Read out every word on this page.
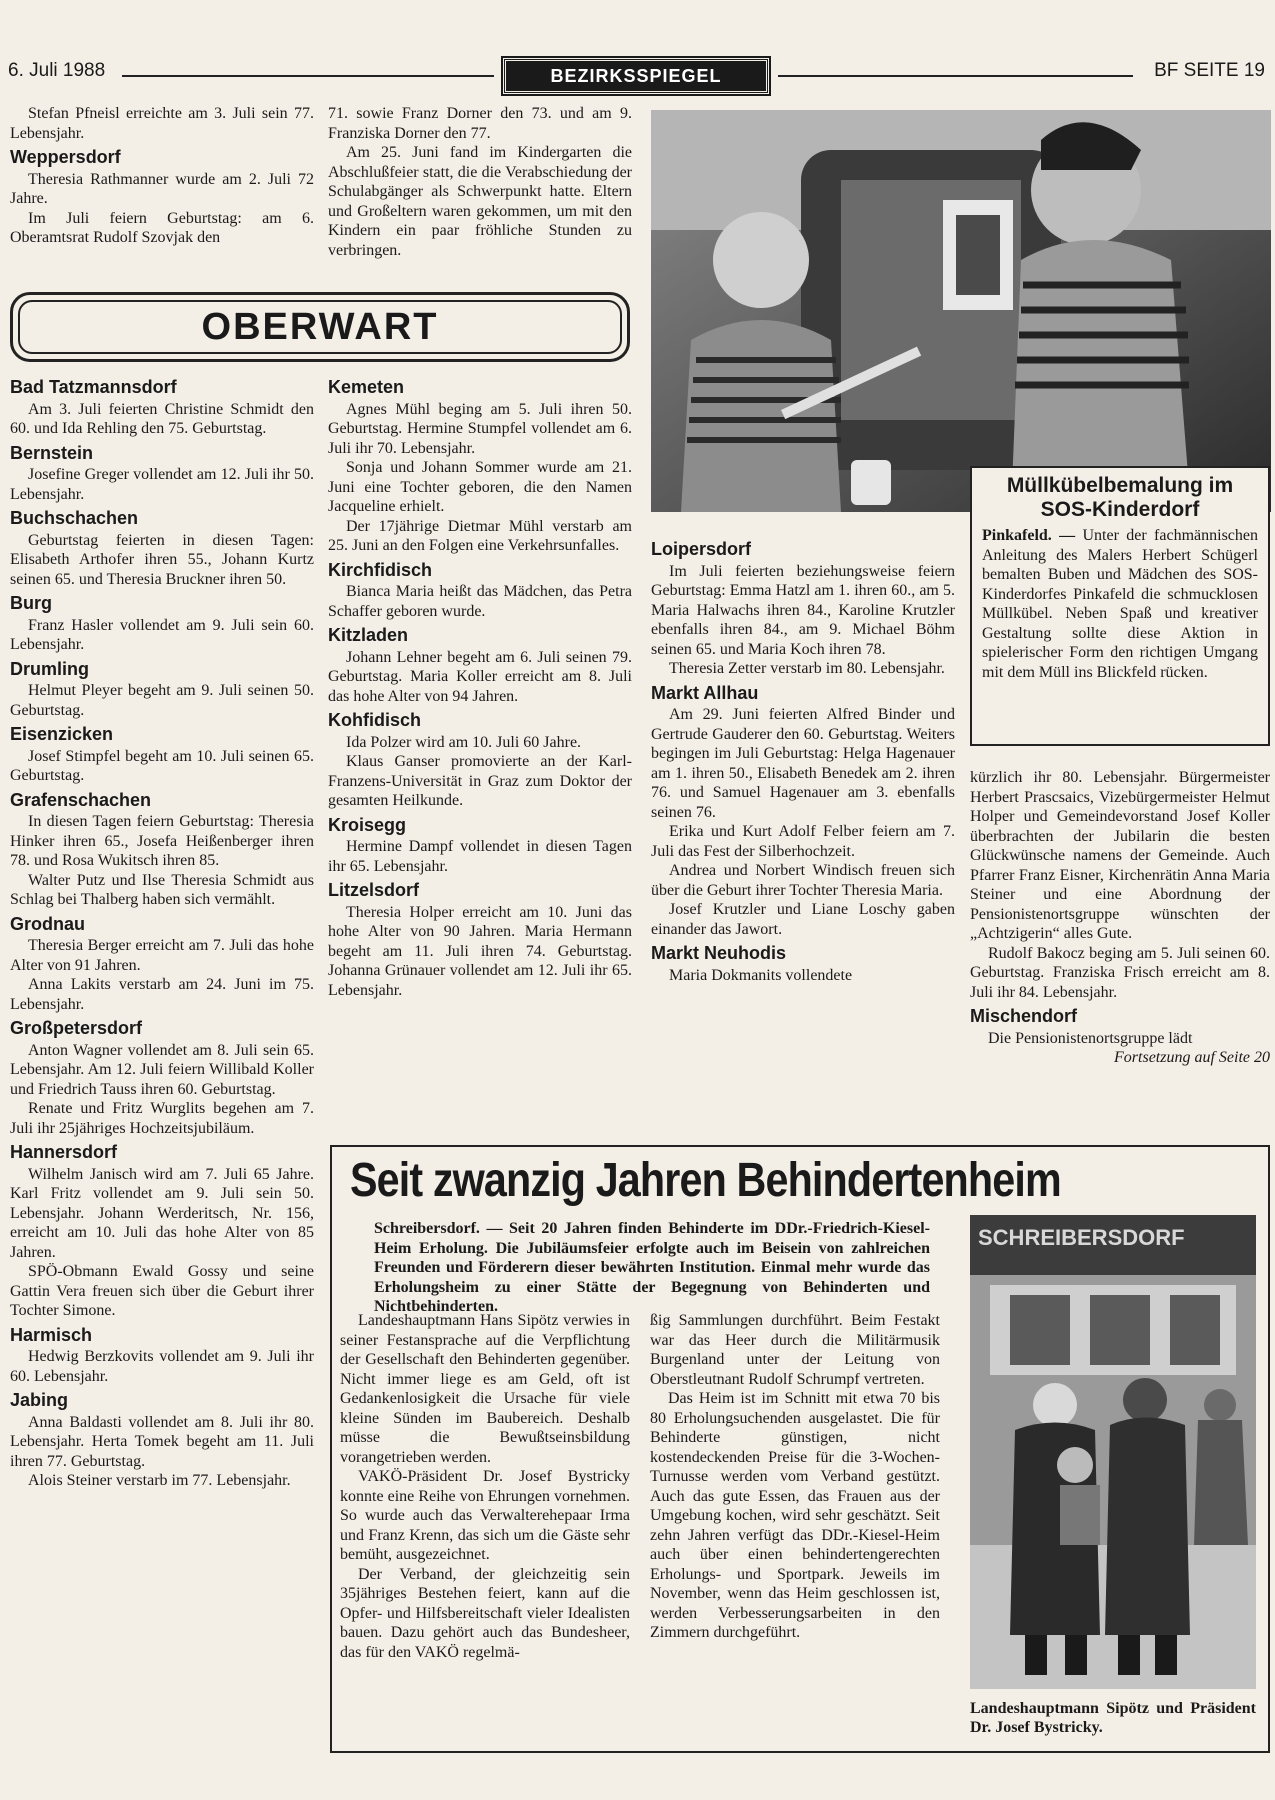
6. Juli 1988	BEZIRKSSPIEGEL	BF SEITE 19

Stefan Pfneisl erreichte am 3. Juli sein 77. Lebensjahr.

Weppersdorf

Theresia Rathmanner wurde am 2. Juli 72 Jahre.

Im Juli feiern Geburtstag: am 6. Oberamtsrat Rudolf Szovjak den

71. sowie Franz Dorner den 73. und am 9. Franziska Dorner den 77.

Am 25. Juni fand im Kindergarten die Abschlußfeier statt, die die Verabschiedung der Schulabgänger als Schwerpunkt hatte. Eltern und Großeltern waren gekommen, um mit den Kindern ein paar fröhliche Stunden zu verbringen.

OBERWART
Müllkübelbemalung im SOS-Kinderdorf

Pinkafeld. — Unter der fachmännischen Anleitung des Malers Herbert Schügerl bemalten Buben und Mädchen des SOS-Kinderdorfes Pinkafeld die schmucklosen Müllkübel. Neben Spaß und kreativer Gestaltung sollte diese Aktion in spielerischer Form den richtigen Umgang mit dem Müll ins Blickfeld rücken.

Bad Tatzmannsdorf

Am 3. Juli feierten Christine Schmidt den 60. und Ida Rehling den 75. Geburtstag.

Bernstein

Josefine Greger vollendet am 12. Juli ihr 50. Lebensjahr.

Buchschachen

Geburtstag feierten in diesen Tagen: Elisabeth Arthofer ihren 55., Johann Kurtz seinen 65. und Theresia Bruckner ihren 50.

Burg

Franz Hasler vollendet am 9. Juli sein 60. Lebensjahr.

Drumling

Helmut Pleyer begeht am 9. Juli seinen 50. Geburtstag.

Eisenzicken

Josef Stimpfel begeht am 10. Juli seinen 65. Geburtstag.

Grafenschachen

In diesen Tagen feiern Geburtstag: Theresia Hinker ihren 65., Josefa Heißenberger ihren 78. und Rosa Wukitsch ihren 85.

Walter Putz und Ilse Theresia Schmidt aus Schlag bei Thalberg haben sich vermählt.

Grodnau

Theresia Berger erreicht am 7. Juli das hohe Alter von 91 Jahren.

Anna Lakits verstarb am 24. Juni im 75. Lebensjahr.

Großpetersdorf

Anton Wagner vollendet am 8. Juli sein 65. Lebensjahr. Am 12. Juli feiern Willibald Koller und Friedrich Tauss ihren 60. Geburtstag.

Renate und Fritz Wurglits begehen am 7. Juli ihr 25jähriges Hochzeitsjubiläum.

Hannersdorf

Wilhelm Janisch wird am 7. Juli 65 Jahre. Karl Fritz vollendet am 9. Juli sein 50. Lebensjahr. Johann Werderitsch, Nr. 156, erreicht am 10. Juli das hohe Alter von 85 Jahren.

SPÖ-Obmann Ewald Gossy und seine Gattin Vera freuen sich über die Geburt ihrer Tochter Simone.

Harmisch

Hedwig Berzkovits vollendet am 9. Juli ihr 60. Lebensjahr.

Jabing

Anna Baldasti vollendet am 8. Juli ihr 80. Lebensjahr. Herta Tomek begeht am 11. Juli ihren 77. Geburtstag.

Alois Steiner verstarb im 77. Lebensjahr.

Kemeten

Agnes Mühl beging am 5. Juli ihren 50. Geburtstag. Hermine Stumpfel vollendet am 6. Juli ihr 70. Lebensjahr.

Sonja und Johann Sommer wurde am 21. Juni eine Tochter geboren, die den Namen Jacqueline erhielt.

Der 17jährige Dietmar Mühl verstarb am 25. Juni an den Folgen eine Verkehrsunfalles.

Kirchfidisch

Bianca Maria heißt das Mädchen, das Petra Schaffer geboren wurde.

Kitzladen

Johann Lehner begeht am 6. Juli seinen 79. Geburtstag. Maria Koller erreicht am 8. Juli das hohe Alter von 94 Jahren.

Kohfidisch

Ida Polzer wird am 10. Juli 60 Jahre.

Klaus Ganser promovierte an der Karl-Franzens-Universität in Graz zum Doktor der gesamten Heilkunde.

Kroisegg

Hermine Dampf vollendet in diesen Tagen ihr 65. Lebensjahr.

Litzelsdorf

Theresia Holper erreicht am 10. Juni das hohe Alter von 90 Jahren. Maria Hermann begeht am 11. Juli ihren 74. Geburtstag. Johanna Grünauer vollendet am 12. Juli ihr 65. Lebensjahr.

Loipersdorf

Im Juli feierten beziehungsweise feiern Geburtstag: Emma Hatzl am 1. ihren 60., am 5. Maria Halwachs ihren 84., Karoline Krutzler ebenfalls ihren 84., am 9. Michael Böhm seinen 65. und Maria Koch ihren 78.

Theresia Zetter verstarb im 80. Lebensjahr.

Markt Allhau

Am 29. Juni feierten Alfred Binder und Gertrude Gauderer den 60. Geburtstag. Weiters begingen im Juli Geburtstag: Helga Hagenauer am 1. ihren 50., Elisabeth Benedek am 2. ihren 76. und Samuel Hagenauer am 3. ebenfalls seinen 76.

Erika und Kurt Adolf Felber feiern am 7. Juli das Fest der Silberhochzeit.

Andrea und Norbert Windisch freuen sich über die Geburt ihrer Tochter Theresia Maria.

Josef Krutzler und Liane Loschy gaben einander das Jawort.

Markt Neuhodis

Maria Dokmanits vollendete

kürzlich ihr 80. Lebensjahr. Bürgermeister Herbert Prascsaics, Vizebürgermeister Helmut Holper und Gemeindevorstand Josef Koller überbrachten der Jubilarin die besten Glückwünsche namens der Gemeinde. Auch Pfarrer Franz Eisner, Kirchenrätin Anna Maria Steiner und eine Abordnung der Pensionistenortsgruppe wünschten der „Achtzigerin“ alles Gute.

Rudolf Bakocz beging am 5. Juli seinen 60. Geburtstag. Franziska Frisch erreicht am 8. Juli ihr 84. Lebensjahr.

Mischendorf

Die Pensionistenortsgruppe lädt

Fortsetzung auf Seite 20
Seit zwanzig Jahren Behindertenheim
Schreibersdorf. — Seit 20 Jahren finden Behinderte im DDr.-Friedrich-Kiesel-Heim Erholung. Die Jubiläumsfeier erfolgte auch im Beisein von zahlreichen Freunden und Förderern dieser bewährten Institution. Einmal mehr wurde das Erholungsheim zu einer Stätte der Begegnung von Behinderten und Nichtbehinderten.

Landeshauptmann Hans Sipötz verwies in seiner Festansprache auf die Verpflichtung der Gesellschaft den Behinderten gegenüber. Nicht immer liege es am Geld, oft ist Gedankenlosigkeit die Ursache für viele kleine Sünden im Baubereich. Deshalb müsse die Bewußtseinsbildung vorangetrieben werden.

VAKÖ-Präsident Dr. Josef Bystricky konnte eine Reihe von Ehrungen vornehmen. So wurde auch das Verwalterehepaar Irma und Franz Krenn, das sich um die Gäste sehr bemüht, ausgezeichnet.

Der Verband, der gleichzeitig sein 35jähriges Bestehen feiert, kann auf die Opfer- und Hilfsbereitschaft vieler Idealisten bauen. Dazu gehört auch das Bundesheer, das für den VAKÖ regelmä-

ßig Sammlungen durchführt. Beim Festakt war das Heer durch die Militärmusik Burgenland unter der Leitung von Oberstleutnant Rudolf Schrumpf vertreten.

Das Heim ist im Schnitt mit etwa 70 bis 80 Erholungsuchenden ausgelastet. Die für Behinderte günstigen, nicht kostendeckenden Preise für die 3-Wochen-Turnusse werden vom Verband gestützt. Auch das gute Essen, das Frauen aus der Umgebung kochen, wird sehr geschätzt. Seit zehn Jahren verfügt das DDr.-Kiesel-Heim auch über einen behindertengerechten Erholungs- und Sportpark. Jeweils im November, wenn das Heim geschlossen ist, werden Verbesserungsarbeiten in den Zimmern durchgeführt.

SCHREIBERSDORF
Landeshauptmann Sipötz und Präsident Dr. Josef Bystricky.
